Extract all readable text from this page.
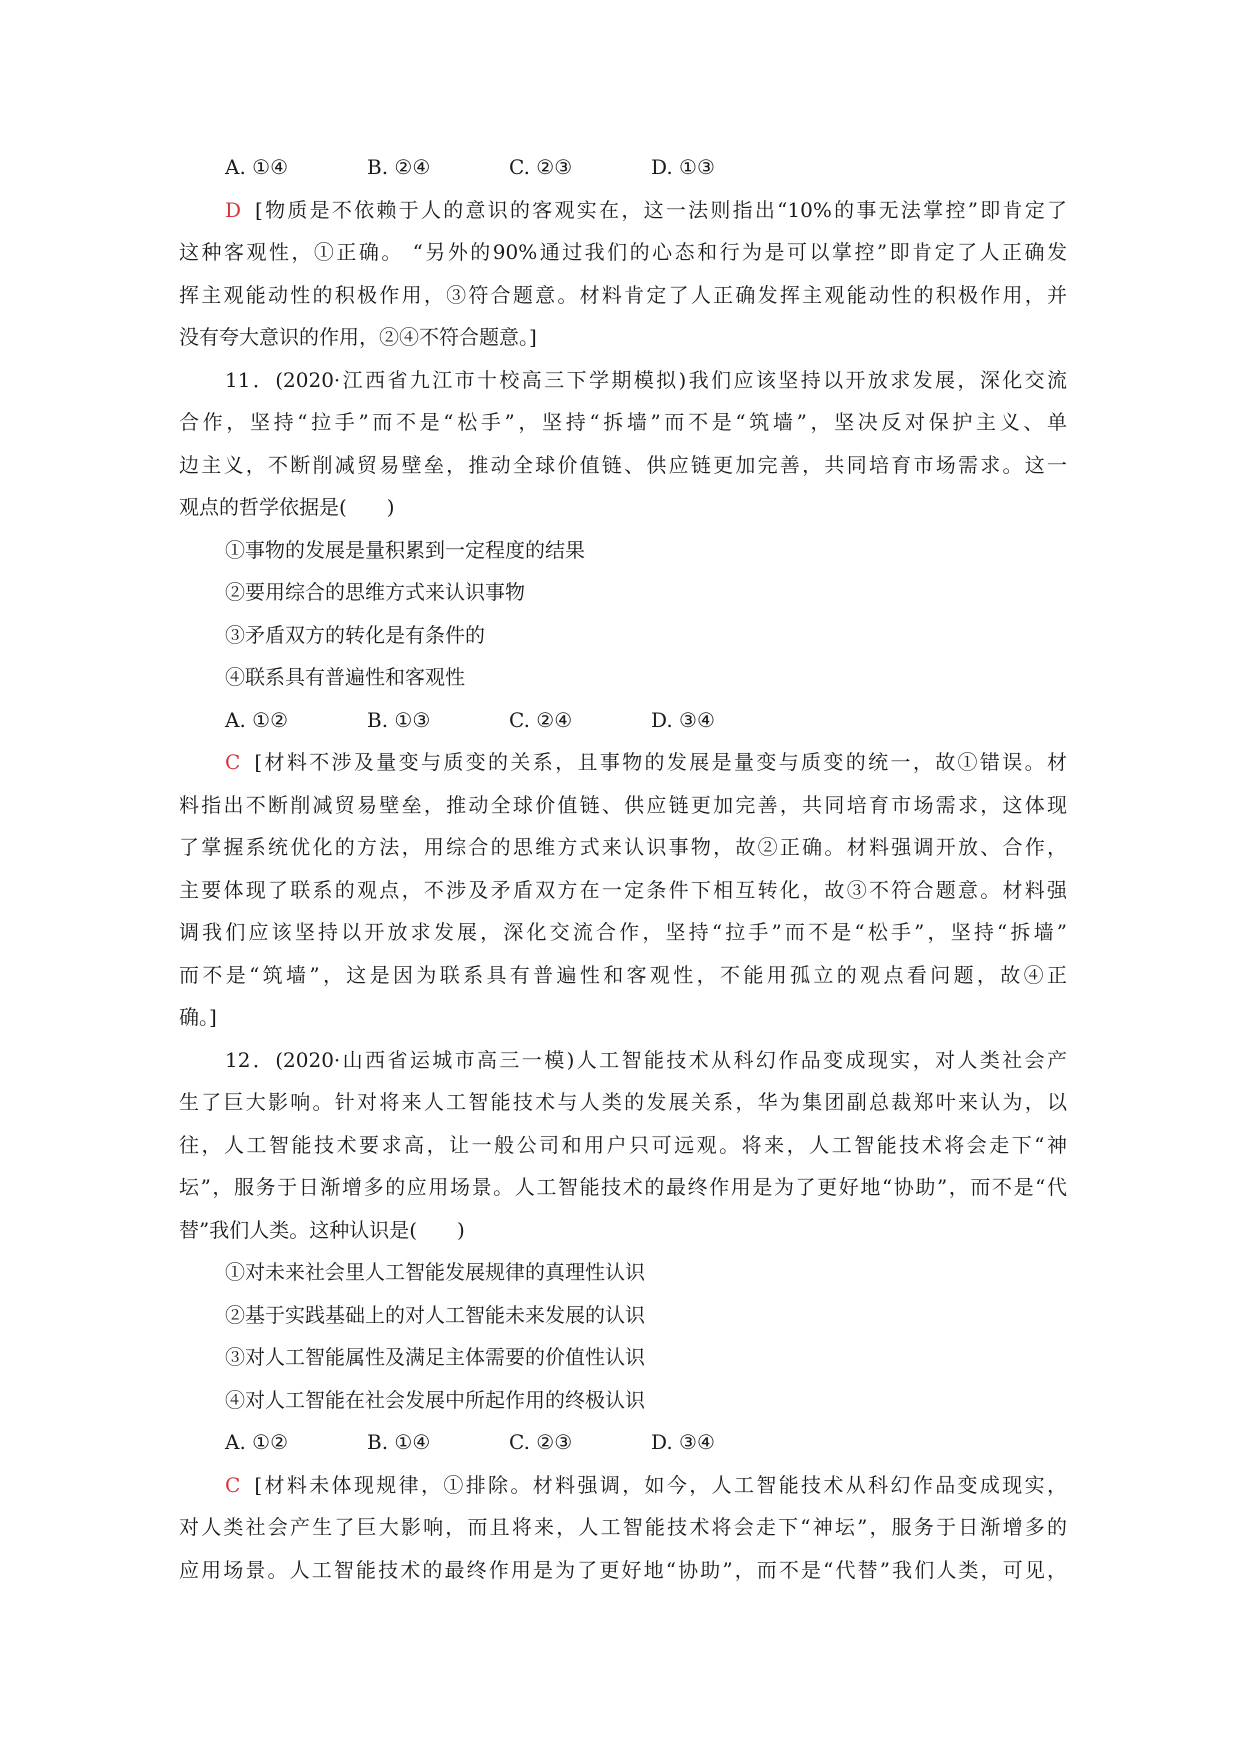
A. ①④	B. ②④	C. ②③	D. ①③
D [物质是不依赖于人的意识的客观实在，这一法则指出“10%的事无法掌控”即肯定了
这种客观性，①正确。 “另外的90%通过我们的心态和行为是可以掌控”即肯定了人正确发
挥主观能动性的积极作用，③符合题意。材料肯定了人正确发挥主观能动性的积极作用，并
没有夸大意识的作用，②④不符合题意。]
11．(2020·江西省九江市十校高三下学期模拟)我们应该坚持以开放求发展，深化交流
合作，坚持“拉手”而不是“松手”，坚持“拆墙”而不是“筑墙”，坚决反对保护主义、单
边主义，不断削减贸易壁垒，推动全球价值链、供应链更加完善，共同培育市场需求。这一
观点的哲学依据是(　　)
①事物的发展是量积累到一定程度的结果
②要用综合的思维方式来认识事物
③矛盾双方的转化是有条件的
④联系具有普遍性和客观性
A. ①②	B. ①③	C. ②④	D. ③④
C [材料不涉及量变与质变的关系，且事物的发展是量变与质变的统一，故①错误。材
料指出不断削减贸易壁垒，推动全球价值链、供应链更加完善，共同培育市场需求，这体现
了掌握系统优化的方法，用综合的思维方式来认识事物，故②正确。材料强调开放、合作，
主要体现了联系的观点，不涉及矛盾双方在一定条件下相互转化，故③不符合题意。材料强
调我们应该坚持以开放求发展，深化交流合作，坚持“拉手”而不是“松手”，坚持“拆墙”
而不是“筑墙”，这是因为联系具有普遍性和客观性，不能用孤立的观点看问题，故④正
确。]
12．(2020·山西省运城市高三一模)人工智能技术从科幻作品变成现实，对人类社会产
生了巨大影响。针对将来人工智能技术与人类的发展关系，华为集团副总裁郑叶来认为，以
往，人工智能技术要求高，让一般公司和用户只可远观。将来，人工智能技术将会走下“神
坛”，服务于日渐增多的应用场景。人工智能技术的最终作用是为了更好地“协助”，而不是“代
替”我们人类。这种认识是(　　)
①对未来社会里人工智能发展规律的真理性认识
②基于实践基础上的对人工智能未来发展的认识
③对人工智能属性及满足主体需要的价值性认识
④对人工智能在社会发展中所起作用的终极认识
A. ①②	B. ①④	C. ②③	D. ③④
C [材料未体现规律，①排除。材料强调，如今，人工智能技术从科幻作品变成现实，
对人类社会产生了巨大影响，而且将来，人工智能技术将会走下“神坛”，服务于日渐增多的
应用场景。人工智能技术的最终作用是为了更好地“协助”，而不是“代替”我们人类，可见，
